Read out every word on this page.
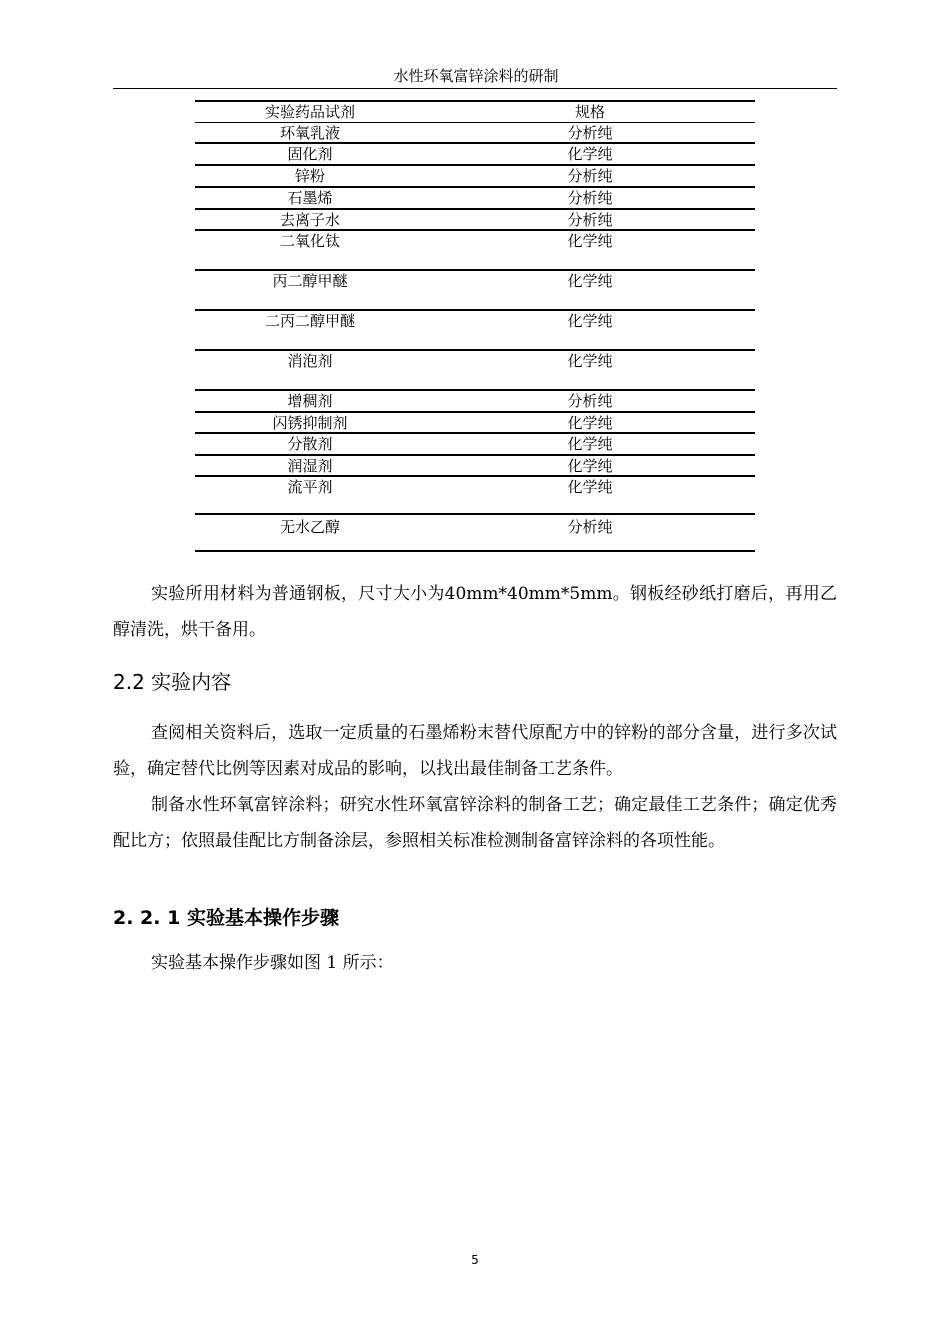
水性环氧富锌涂料的研制
实验药品试剂	规格
环氧乳液	分析纯
固化剂	化学纯
锌粉	分析纯
石墨烯	分析纯
去离子水	分析纯
二氧化钛	化学纯
丙二醇甲醚	化学纯
二丙二醇甲醚	化学纯
消泡剂	化学纯
增稠剂	分析纯
闪锈抑制剂	化学纯
分散剂	化学纯
润湿剂	化学纯
流平剂	化学纯
无水乙醇	分析纯

实验所用材料为普通钢板，尺寸大小为40mm*40mm*5mm。钢板经砂纸打磨后，再用乙醇清洗，烘干备用。

2.2 实验内容

查阅相关资料后，选取一定质量的石墨烯粉末替代原配方中的锌粉的部分含量，进行多次试验，确定替代比例等因素对成品的影响，以找出最佳制备工艺条件。

制备水性环氧富锌涂料；研究水性环氧富锌涂料的制备工艺；确定最佳工艺条件；确定优秀配比方；依照最佳配比方制备涂层，参照相关标准检测制备富锌涂料的各项性能。

2. 2. 1 实验基本操作步骤

实验基本操作步骤如图 1 所示：

5
